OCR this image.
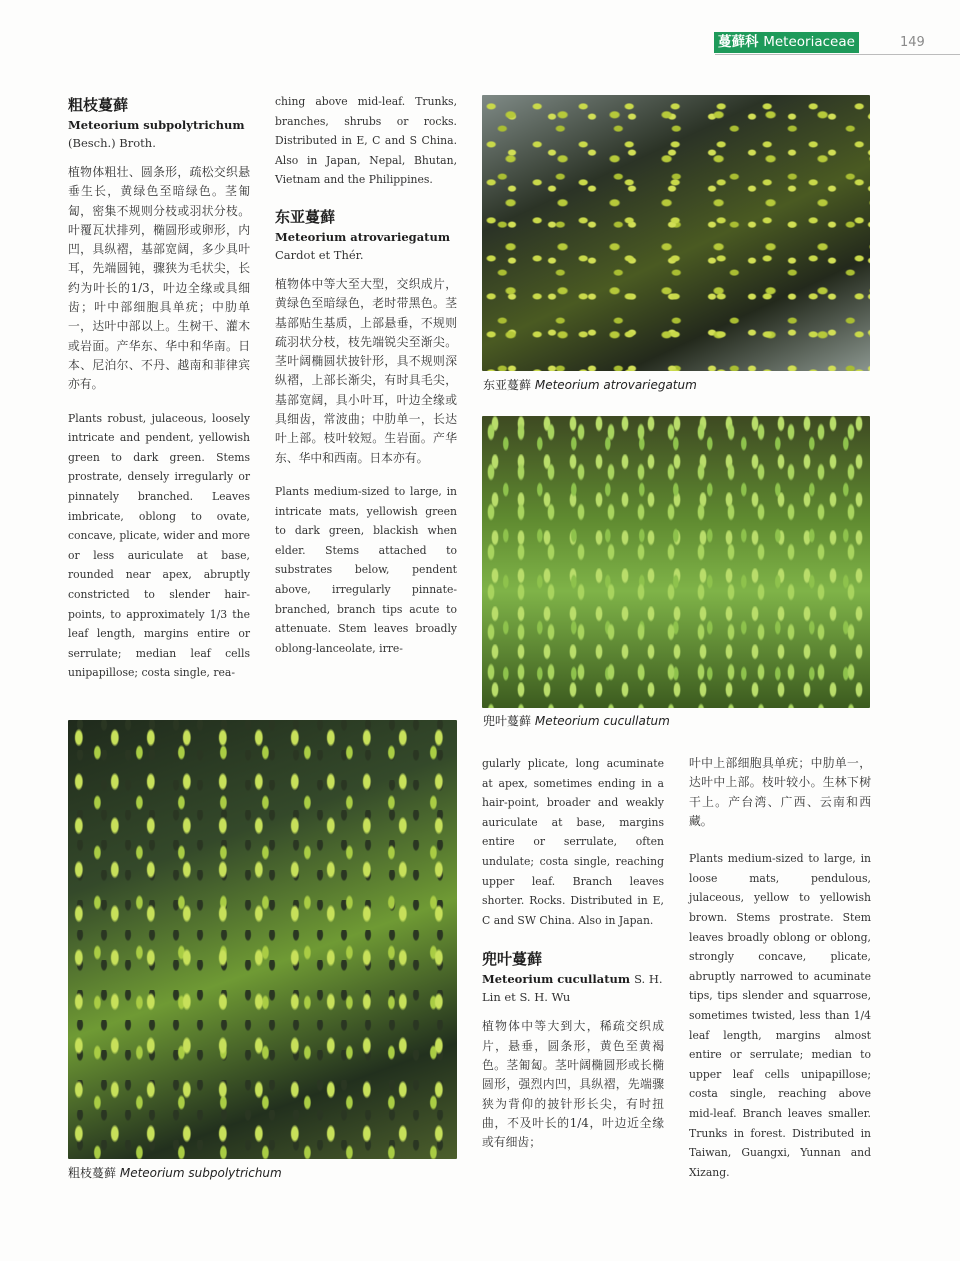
蔓藓科 Meteoriaceae	149
粗枝蔓藓
Meteorium subpolytrichum
(Besch.) Broth.

植物体粗壮、圆条形，疏松交织悬垂生长，黄绿色至暗绿色。茎匍匐，密集不规则分枝或羽状分枝。叶覆瓦状排列，椭圆形或卵形，内凹，具纵褶，基部宽阔，多少具叶耳，先端圆钝，骤狭为毛状尖，长约为叶长的1/3，叶边全缘或具细齿；叶中部细胞具单疣；中肋单一，达叶中部以上。生树干、灌木或岩面。产华东、华中和华南。日本、尼泊尔、不丹、越南和菲律宾亦有。

Plants robust, julaceous, loosely intricate and pendent, yellowish green to dark green. Stems prostrate, densely irregularly or pinnately branched. Leaves imbricate, oblong to ovate, concave, plicate, wider and more or less auriculate at base, rounded near apex, abruptly constricted to slender hair-points, to approximately 1/3 the leaf length, margins entire or serrulate; median leaf cells unipapillose; costa single, rea-

ching above mid-leaf. Trunks, branches, shrubs or rocks. Distributed in E, C and S China. Also in Japan, Nepal, Bhutan, Vietnam and the Philippines.

东亚蔓藓
Meteorium atrovariegatum
Cardot et Thér.

植物体中等大至大型，交织成片，黄绿色至暗绿色，老时带黑色。茎基部贴生基质，上部悬垂，不规则疏羽状分枝，枝先端锐尖至渐尖。茎叶阔椭圆状披针形，具不规则深纵褶，上部长渐尖，有时具毛尖，基部宽阔，具小叶耳，叶边全缘或具细齿，常波曲；中肋单一，长达叶上部。枝叶较短。生岩面。产华东、华中和西南。日本亦有。

Plants medium-sized to large, in intricate mats, yellowish green to dark green, blackish when elder. Stems attached to substrates below, pendent above, irregularly pinnate-branched, branch tips acute to attenuate. Stem leaves broadly oblong-lanceolate, irre-

东亚蔓藓 Meteorium atrovariegatum
兜叶蔓藓 Meteorium cucullatum
粗枝蔓藓 Meteorium subpolytrichum

gularly plicate, long acuminate at apex, sometimes ending in a hair-point, broader and weakly auriculate at base, margins entire or serrulate, often undulate; costa single, reaching upper leaf. Branch leaves shorter. Rocks. Distributed in E, C and SW China. Also in Japan.

兜叶蔓藓
Meteorium cucullatum S. H. Lin et S. H. Wu

植物体中等大到大，稀疏交织成片，悬垂，圆条形，黄色至黄褐色。茎匍匐。茎叶阔椭圆形或长椭圆形，强烈内凹，具纵褶，先端骤狭为背仰的披针形长尖，有时扭曲，不及叶长的1/4，叶边近全缘或有细齿；

叶中上部细胞具单疣；中肋单一，达叶中上部。枝叶较小。生林下树干上。产台湾、广西、云南和西藏。

Plants medium-sized to large, in loose mats, pendulous, julaceous, yellow to yellowish brown. Stems prostrate. Stem leaves broadly oblong or oblong, strongly concave, plicate, abruptly narrowed to acuminate tips, tips slender and squarrose, sometimes twisted, less than 1/4 leaf length, margins almost entire or serrulate; median to upper leaf cells unipapillose; costa single, reaching above mid-leaf. Branch leaves smaller. Trunks in forest. Distributed in Taiwan, Guangxi, Yunnan and Xizang.
